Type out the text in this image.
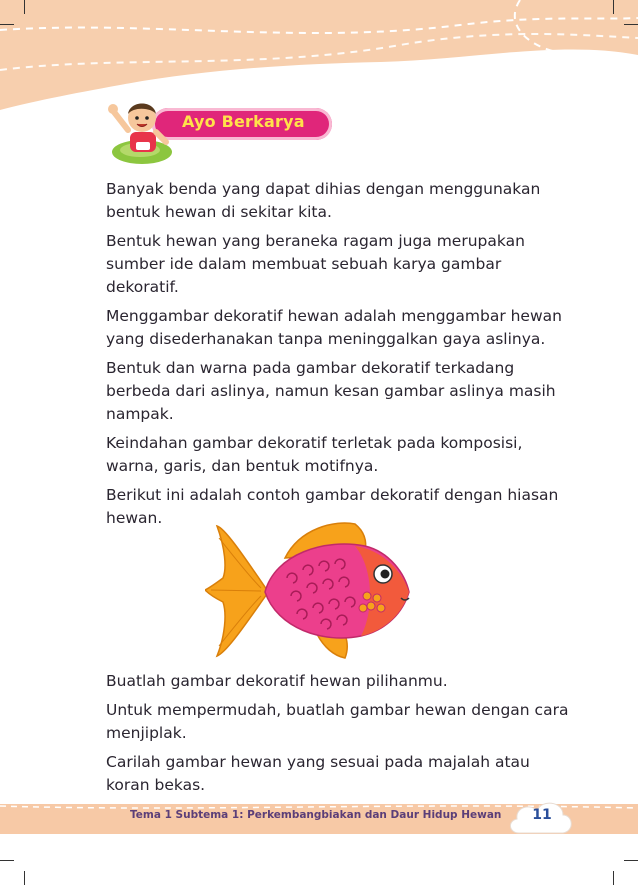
Ayo Berkarya

Banyak benda yang dapat dihias dengan menggunakan bentuk hewan di sekitar kita.

Bentuk hewan yang beraneka ragam juga merupakan sumber ide dalam membuat sebuah karya gambar dekoratif.

Menggambar dekoratif hewan adalah menggambar hewan yang disederhanakan tanpa meninggalkan gaya aslinya.

Bentuk dan warna pada gambar dekoratif terkadang berbeda dari aslinya, namun kesan gambar aslinya masih nampak.

Keindahan gambar dekoratif terletak pada komposisi, warna, garis, dan bentuk motifnya.

Berikut ini adalah contoh gambar dekoratif dengan hiasan hewan.

Buatlah gambar dekoratif hewan pilihanmu.

Untuk mempermudah, buatlah gambar hewan dengan cara menjiplak.

Carilah gambar hewan yang sesuai pada majalah atau koran bekas.

Tema 1 Subtema 1: Perkembangbiakan dan Daur Hidup Hewan	11
